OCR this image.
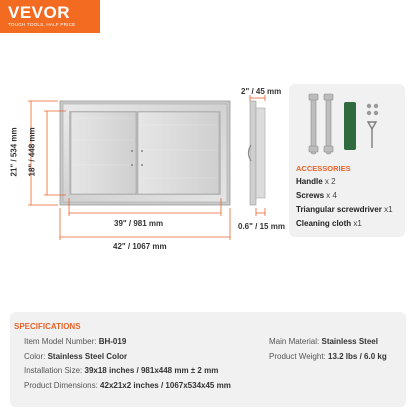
VEVOR
TOUGH TOOLS, HALF PRICE
21" / 534 mm 18" / 448 mm
39" / 981 mm
42" / 1067 mm
2" / 45 mm
0.6" / 15 mm
ACCESSORIES
Handle x 2
Screws x 4
Triangular screwdriver x1
Cleaning cloth x1
SPECIFICATIONS
Item Model Number: BH-019
Color: Stainless Steel Color
Installation Size: 39x18 inches / 981x448 mm ± 2 mm
Product Dimensions: 42x21x2 inches / 1067x534x45 mm
Main Material: Stainless Steel
Product Weight: 13.2 lbs / 6.0 kg
